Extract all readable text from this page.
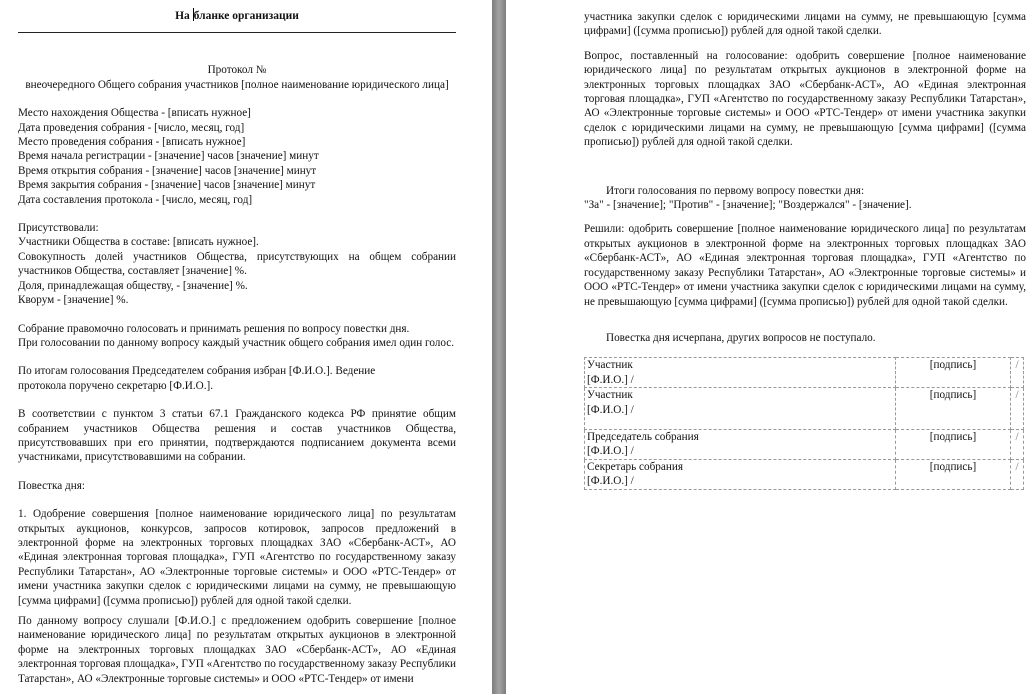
На бланке организации

Протокол №

внеочередного Общего собрания участников [полное наименование юридического лица]

Место нахождения Общества - [вписать нужное]

Дата проведения собрания - [число, месяц, год]

Место проведения собрания - [вписать нужное]

Время начала регистрации - [значение] часов [значение] минут

Время открытия собрания - [значение] часов [значение] минут

Время закрытия собрания - [значение] часов [значение] минут

Дата составления протокола - [число, месяц, год]

Присутствовали:

Участники Общества в составе: [вписать нужное].

Совокупность долей участников Общества, присутствующих на общем собрании участников Общества, составляет [значение] %.

Доля, принадлежащая обществу, - [значение] %.

Кворум - [значение] %.

Собрание правомочно голосовать и принимать решения по вопросу повестки дня.

При голосовании по данному вопросу каждый участник общего собрания имел один голос.

По итогам голосования Председателем собрания избран [Ф.И.О.]. Ведение

протокола поручено секретарю [Ф.И.О.].

В соответствии с пунктом 3 статьи 67.1 Гражданского кодекса РФ принятие общим собранием участников Общества решения и состав участников Общества, присутствовавших при его принятии, подтверждаются подписанием документа всеми участниками, присутствовавшими на собрании.

Повестка дня:

1. Одобрение совершения [полное наименование юридического лица] по результатам открытых аукционов, конкурсов, запросов котировок, запросов предложений в электронной форме на электронных торговых площадках ЗАО «Сбербанк-АСТ», АО «Единая электронная торговая площадка», ГУП «Агентство по государственному заказу Республики Татарстан», АО «Электронные торговые системы» и ООО «РТС-Тендер» от имени участника закупки сделок с юридическими лицами на сумму, не превышающую [сумма цифрами] ([сумма прописью]) рублей для одной такой сделки.

По данному вопросу слушали [Ф.И.О.] с предложением одобрить совершение [полное наименование юридического лица] по результатам открытых аукционов в электронной форме на электронных торговых площадках ЗАО «Сбербанк-АСТ», АО «Единая электронная торговая площадка», ГУП «Агентство по государственному заказу Республики Татарстан», АО «Электронные торговые системы» и ООО «РТС-Тендер» от имени

участника закупки сделок с юридическими лицами на сумму, не превышающую [сумма цифрами] ([сумма прописью]) рублей для одной такой сделки.

Вопрос, поставленный на голосование: одобрить совершение [полное наименование юридического лица] по результатам открытых аукционов в электронной форме на электронных торговых площадках ЗАО «Сбербанк-АСТ», АО «Единая электронная торговая площадка», ГУП «Агентство по государственному заказу Республики Татарстан», АО «Электронные торговые системы» и ООО «РТС-Тендер» от имени участника закупки сделок с юридическими лицами на сумму, не превышающую [сумма цифрами] ([сумма прописью]) рублей для одной такой сделки.

Итоги голосования по первому вопросу повестки дня:

"За" - [значение]; "Против" - [значение]; "Воздержался" - [значение].

Решили: одобрить совершение [полное наименование юридического лица] по результатам открытых аукционов в электронной форме на электронных торговых площадках ЗАО «Сбербанк-АСТ», АО «Единая электронная торговая площадка», ГУП «Агентство по государственному заказу Республики Татарстан», АО «Электронные торговые системы» и ООО «РТС-Тендер» от имени участника закупки сделок с юридическими лицами на сумму, не превышающую [сумма цифрами] ([сумма прописью]) рублей для одной такой сделки.

Повестка дня исчерпана, других вопросов не поступало.

Участник
[Ф.И.О.] /	[подпись]	/

Участник
[Ф.И.О.] /	[подпись]	/

Председатель собрания
[Ф.И.О.] /	[подпись]	/

Секретарь собрания
[Ф.И.О.] /	[подпись]	/
